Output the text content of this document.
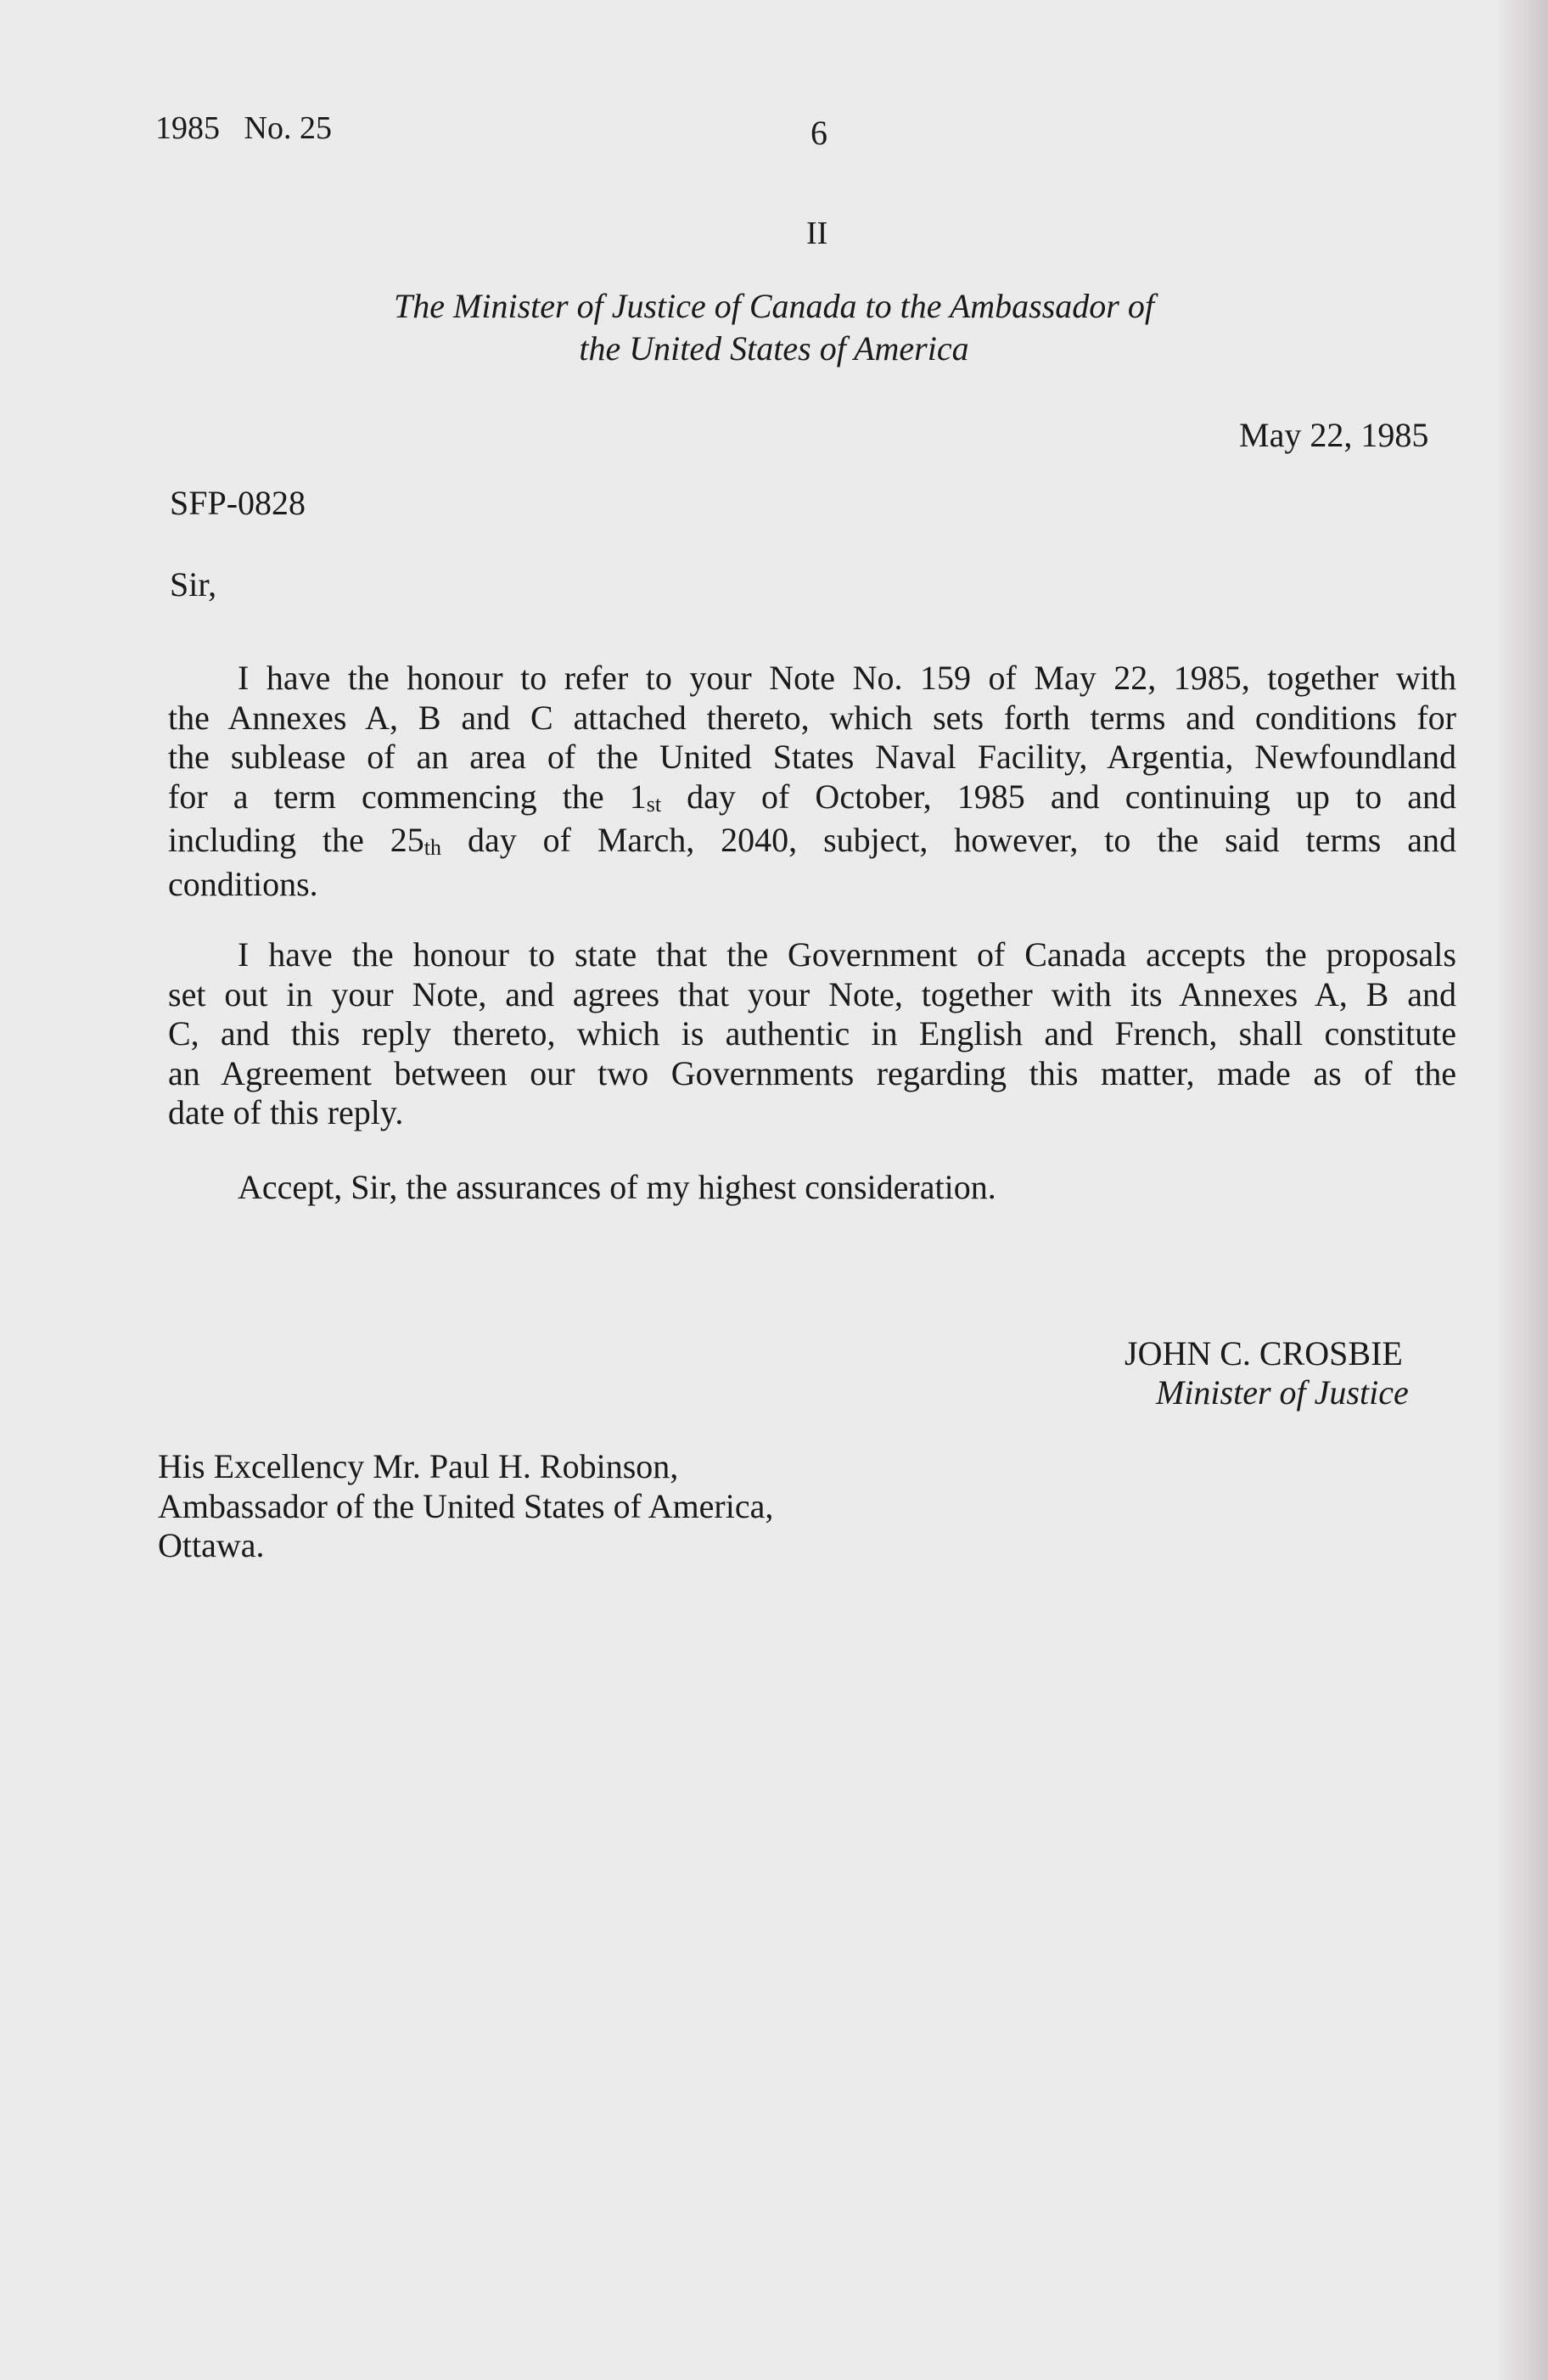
1985   No. 25	6
II
The Minister of Justice of Canada to the Ambassador of
the United States of America
May 22, 1985
SFP-0828
Sir,
I have the honour to refer to your Note No. 159 of May 22, 1985, together with
the Annexes A, B and C attached thereto, which sets forth terms and conditions for
the sublease of an area of the United States Naval Facility, Argentia, Newfoundland
for a term commencing the $1_{st}$ day of October, 1985 and continuing up to and
including the $25_{th}$ day of March, 2040, subject, however, to the said terms and
conditions.
I have the honour to state that the Government of Canada accepts the proposals
set out in your Note, and agrees that your Note, together with its Annexes A, B and
C, and this reply thereto, which is authentic in English and French, shall constitute
an Agreement between our two Governments regarding this matter, made as of the
date of this reply.
Accept, Sir, the assurances of my highest consideration.
JOHN C. CROSBIE
Minister of Justice
His Excellency Mr. Paul H. Robinson,
Ambassador of the United States of America,
Ottawa.
